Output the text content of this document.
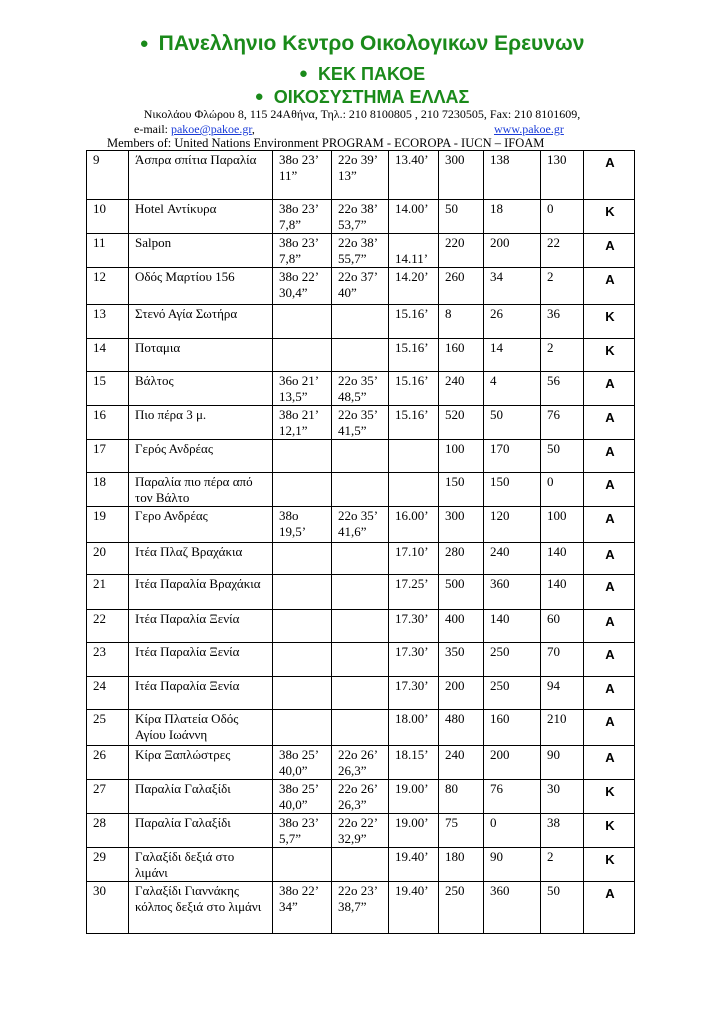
● ΠΑνελληνιο Κεντρο Οικολογικων Ερευνων
● ΚΕΚ ΠΑΚΟΕ
● ΟΙΚΟΣΥΣΤΗΜΑ ΕΛΛΑΣ
Νικολάου Φλώρου 8, 115 24Αθήνα, Τηλ.: 210 8100805 , 210 7230505, Fax: 210 8101609,
e-mail: pakoe@pakoe.gr,	www.pakoe.gr
Members of: United Nations Environment PROGRAM - ECOROPA - IUCN – IFOAM
9	Άσπρα σπίτια Παραλία	38ο 23’ 11”	22ο 39’ 13”	13.40’	300	138	130	Α
10	Hotel Αντίκυρα	38ο 23’ 7,8”	22ο 38’ 53,7”	14.00’	50	18	0	Κ
11	Salpon	38ο 23’ 7,8”	22ο 38’ 55,7”	14.11’	220	200	22	Α
12	Οδός Μαρτίου 156	38ο 22’ 30,4”	22ο 37’ 40”	14.20’	260	34	2	Α
13	Στενό Αγία Σωτήρα			15.16’	8	26	36	Κ
14	Ποταμια			15.16’	160	14	2	Κ
15	Βάλτος	36ο 21’ 13,5”	22ο 35’ 48,5”	15.16’	240	4	56	Α
16	Πιο πέρα 3 μ.	38ο 21’ 12,1”	22ο 35’ 41,5”	15.16’	520	50	76	Α
17	Γερός Ανδρέας				100	170	50	Α
18	Παραλία πιο πέρα από τον Βάλτο				150	150	0	Α
19	Γερο Ανδρέας	38ο 19,5’	22ο 35’ 41,6”	16.00’	300	120	100	Α
20	Ιτέα Πλαζ Βραχάκια			17.10’	280	240	140	Α
21	Ιτέα Παραλία Βραχάκια			17.25’	500	360	140	Α
22	Ιτέα Παραλία Ξενία			17.30’	400	140	60	Α
23	Ιτέα Παραλία Ξενία			17.30’	350	250	70	Α
24	Ιτέα Παραλία Ξενία			17.30’	200	250	94	Α
25	Κίρα Πλατεία Οδός Αγίου Ιωάννη			18.00’	480	160	210	Α
26	Κίρα Ξαπλώστρες	38ο 25’ 40,0”	22ο 26’ 26,3”	18.15’	240	200	90	Α
27	Παραλία Γαλαξίδι	38ο 25’ 40,0”	22ο 26’ 26,3”	19.00’	80	76	30	Κ
28	Παραλία Γαλαξίδι	38ο 23’ 5,7”	22ο 22’ 32,9”	19.00’	75	0	38	Κ
29	Γαλαξίδι δεξιά στο λιμάνι			19.40’	180	90	2	Κ
30	Γαλαξίδι Γιαννάκης κόλπος δεξιά στο λιμάνι	38ο 22’ 34”	22ο 23’ 38,7”	19.40’	250	360	50	Α
